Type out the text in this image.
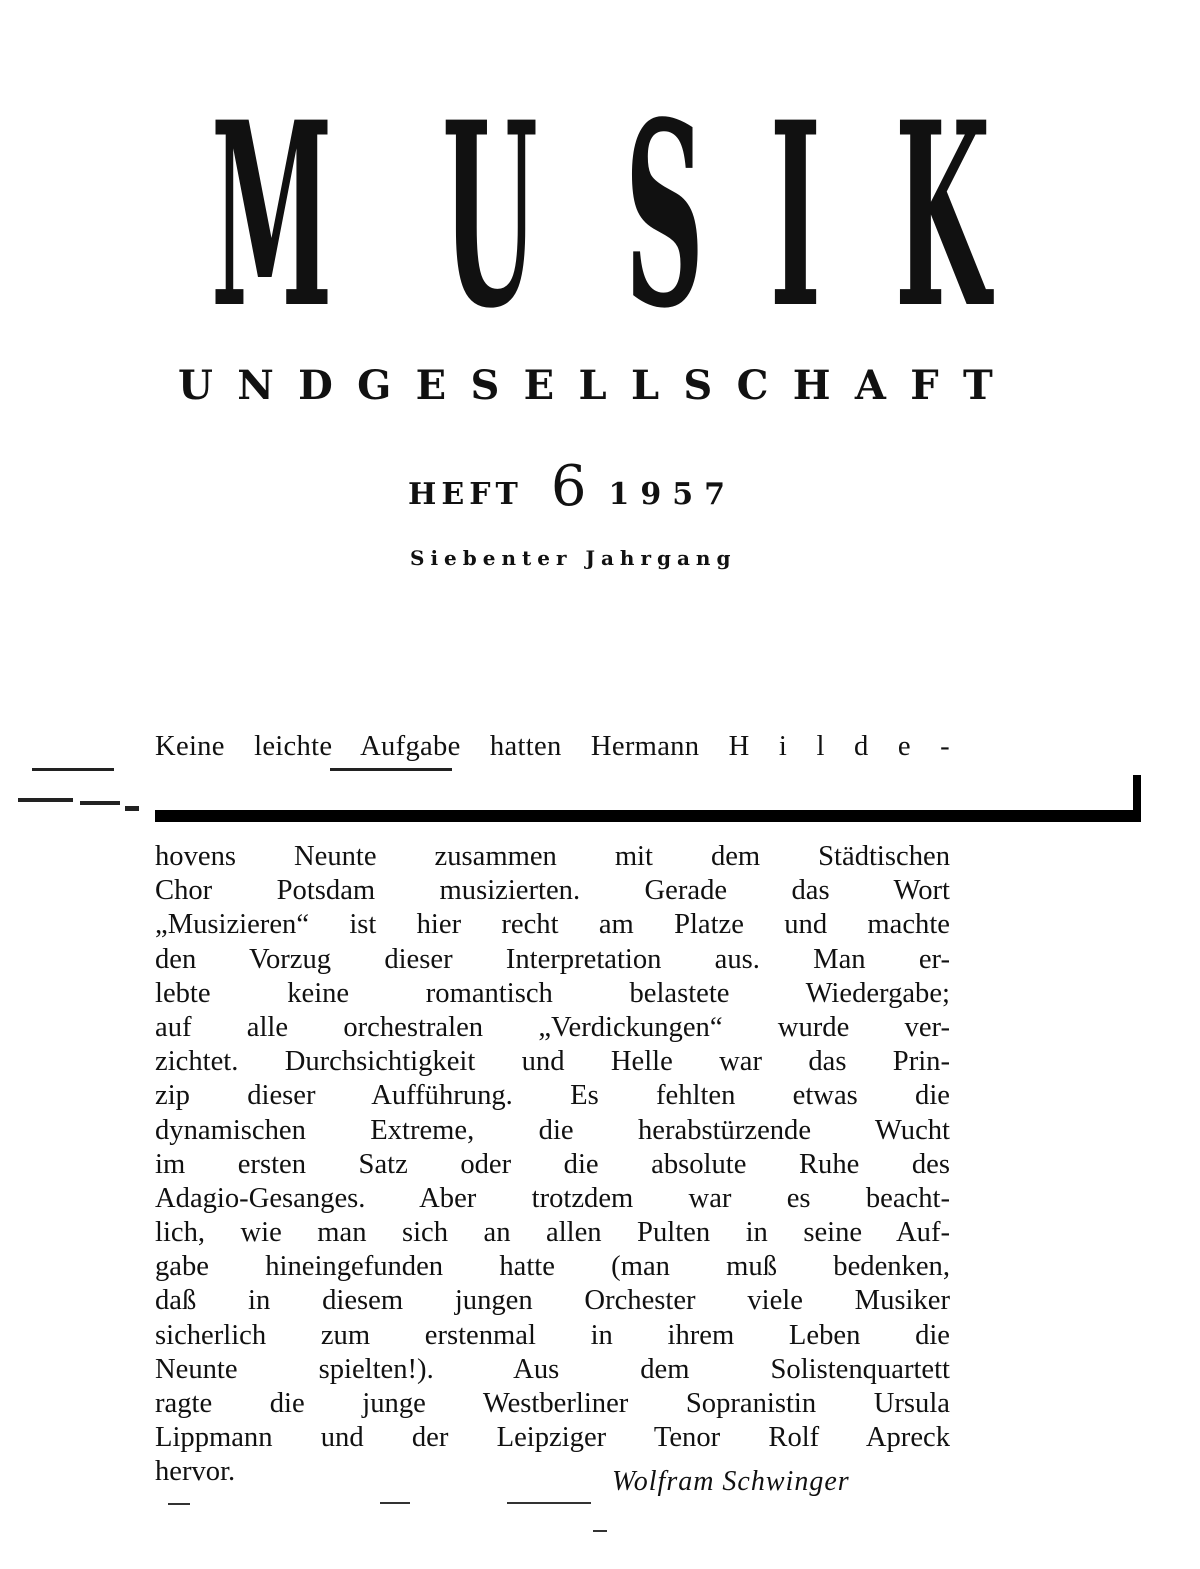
M U S I K
U N D G E S E L L S C H A F T
HEFT 6 1957
Siebenter Jahrgang
Keine leichte Aufgabe hatten Hermann H i l d e -
hovens Neunte zusammen mit dem Städtischen
Chor Potsdam musizierten. Gerade das Wort
„Musizieren“ ist hier recht am Platze und machte
den Vorzug dieser Interpretation aus. Man er-
lebte keine romantisch belastete Wiedergabe;
auf alle orchestralen „Verdickungen“ wurde ver-
zichtet. Durchsichtigkeit und Helle war das Prin-
zip dieser Aufführung. Es fehlten etwas die
dynamischen Extreme, die herabstürzende Wucht
im ersten Satz oder die absolute Ruhe des
Adagio-Gesanges. Aber trotzdem war es beacht-
lich, wie man sich an allen Pulten in seine Auf-
gabe hineingefunden hatte (man muß bedenken,
daß in diesem jungen Orchester viele Musiker
sicherlich zum erstenmal in ihrem Leben die
Neunte spielten!). Aus dem Solistenquartett
ragte die junge Westberliner Sopranistin Ursula
Lippmann und der Leipziger Tenor Rolf Apreck
hervor.	Wolfram Schwinger
